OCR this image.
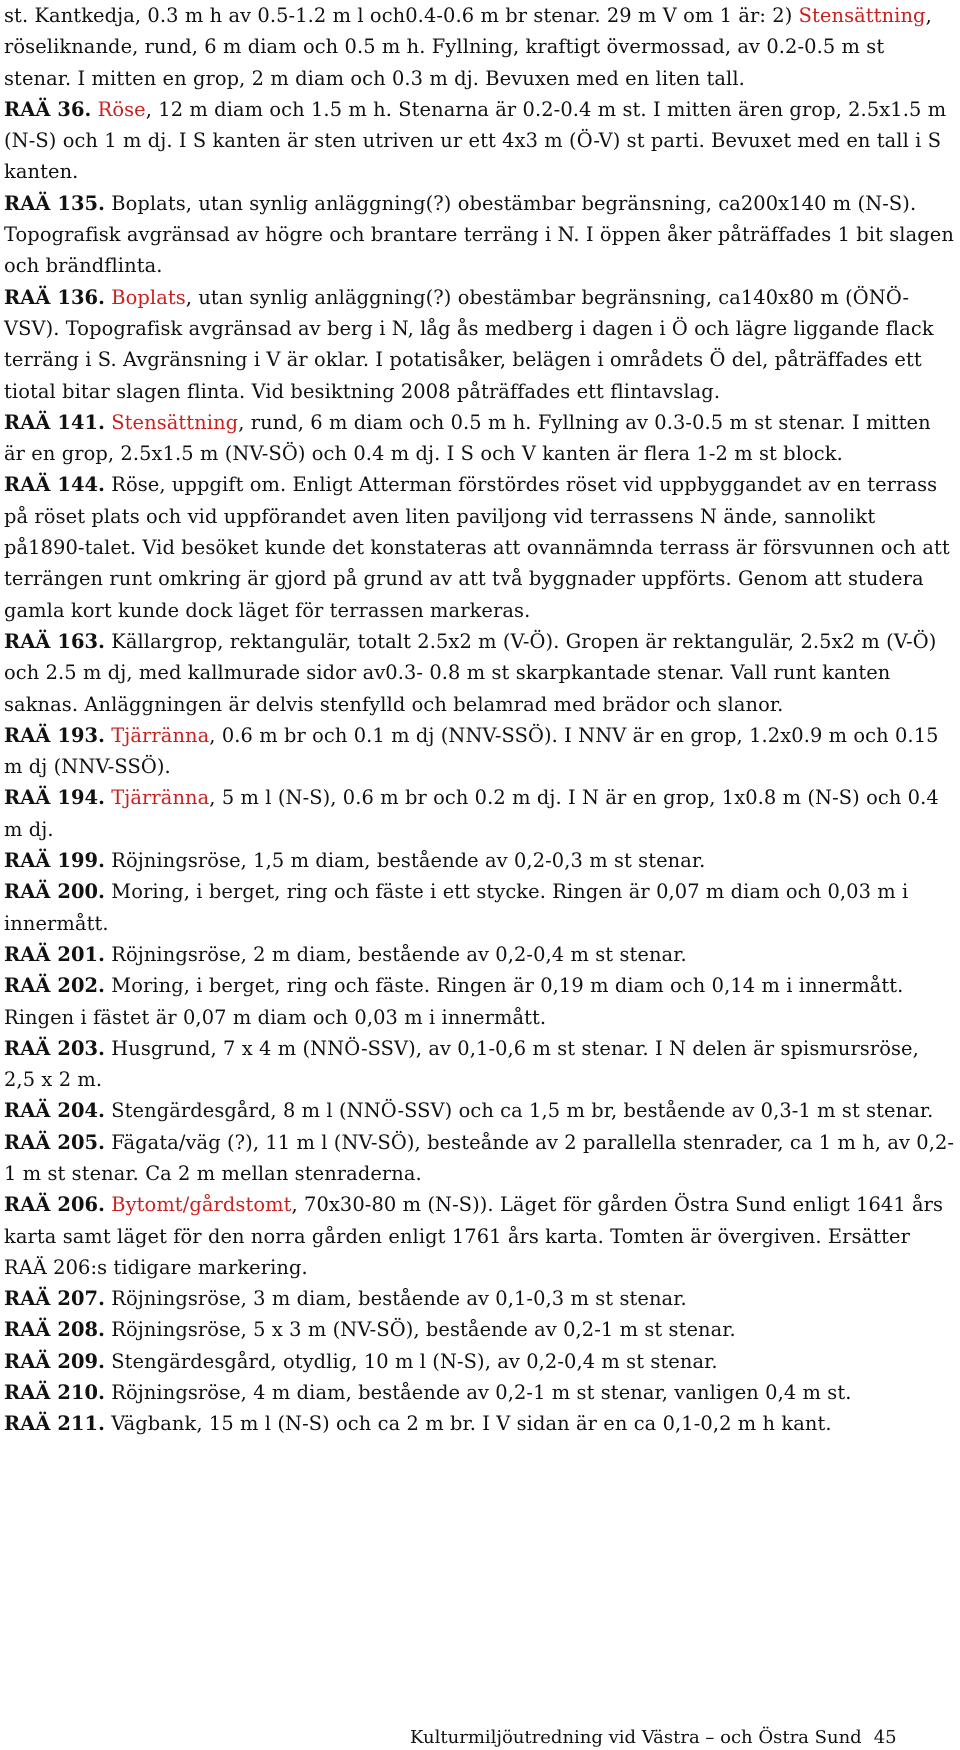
st. Kantkedja, 0.3 m h av 0.5-1.2 m l och0.4-0.6 m br stenar. 29 m V om 1 är: 2) Stensättning, röseliknande, rund, 6 m diam och 0.5 m h. Fyllning, kraftigt övermossad, av 0.2-0.5 m st stenar. I mitten en grop, 2 m diam och 0.3 m dj. Bevuxen med en liten tall.

RAÄ 36. Röse, 12 m diam och 1.5 m h. Stenarna är 0.2-0.4 m st. I mitten ären grop, 2.5x1.5 m (N-S) och 1 m dj. I S kanten är sten utriven ur ett 4x3 m (Ö-V) st parti. Bevuxet med en tall i S kanten.

RAÄ 135. Boplats, utan synlig anläggning(?) obestämbar begränsning, ca200x140 m (N-S). Topografisk avgränsad av högre och brantare terräng i N. I öppen åker påträffades 1 bit slagen och brändflinta.

RAÄ 136. Boplats, utan synlig anläggning(?) obestämbar begränsning, ca140x80 m (ÖNÖ-VSV). Topografisk avgränsad av berg i N, låg ås medberg i dagen i Ö och lägre liggande flack terräng i S. Avgränsning i V är oklar. I potatisåker, belägen i områdets Ö del, påträffades ett tiotal bitar slagen flinta. Vid besiktning 2008 påträffades ett flintavslag.

RAÄ 141. Stensättning, rund, 6 m diam och 0.5 m h. Fyllning av 0.3-0.5 m st stenar. I mitten är en grop, 2.5x1.5 m (NV-SÖ) och 0.4 m dj. I S och V kanten är flera 1-2 m st block.

RAÄ 144. Röse, uppgift om. Enligt Atterman förstördes röset vid uppbyggandet av en terrass på röset plats och vid uppförandet aven liten paviljong vid terrassens N ände, sannolikt på1890-talet. Vid besöket kunde det konstateras att ovannämnda terrass är försvunnen och att terrängen runt omkring är gjord på grund av att två byggnader uppförts. Genom att studera gamla kort kunde dock läget för terrassen markeras.

RAÄ 163. Källargrop, rektangulär, totalt 2.5x2 m (V-Ö). Gropen är rektangulär, 2.5x2 m (V-Ö) och 2.5 m dj, med kallmurade sidor av0.3- 0.8 m st skarpkantade stenar. Vall runt kanten saknas. Anläggningen är delvis stenfylld och belamrad med brädor och slanor.

RAÄ 193. Tjärränna, 0.6 m br och 0.1 m dj (NNV-SSÖ). I NNV är en grop, 1.2x0.9 m och 0.15 m dj (NNV-SSÖ).

RAÄ 194. Tjärränna, 5 m l (N-S), 0.6 m br och 0.2 m dj. I N är en grop, 1x0.8 m (N-S) och 0.4 m dj.

RAÄ 199. Röjningsröse, 1,5 m diam, bestående av 0,2-0,3 m st stenar.

RAÄ 200. Moring, i berget, ring och fäste i ett stycke. Ringen är 0,07 m diam och 0,03 m i innermått.

RAÄ 201. Röjningsröse, 2 m diam, bestående av 0,2-0,4 m st stenar.

RAÄ 202. Moring, i berget, ring och fäste. Ringen är 0,19 m diam och 0,14 m i innermått. Ringen i fästet är 0,07 m diam och 0,03 m i innermått.

RAÄ 203. Husgrund, 7 x 4 m (NNÖ-SSV), av 0,1-0,6 m st stenar. I N delen är spismursröse, 2,5 x 2 m.

RAÄ 204. Stengärdesgård, 8 m l (NNÖ-SSV) och ca 1,5 m br, bestående av 0,3-1 m st stenar.

RAÄ 205. Fägata/väg (?), 11 m l (NV-SÖ), besteånde av 2 parallella stenrader, ca 1 m h, av 0,2-1 m st stenar. Ca 2 m mellan stenraderna.

RAÄ 206. Bytomt/gårdstomt, 70x30-80 m (N-S)). Läget för gården Östra Sund enligt 1641 års karta samt läget för den norra gården enligt 1761 års karta. Tomten är övergiven. Ersätter RAÄ 206:s tidigare markering.

RAÄ 207. Röjningsröse, 3 m diam, bestående av 0,1-0,3 m st stenar.

RAÄ 208. Röjningsröse, 5 x 3 m (NV-SÖ), bestående av 0,2-1 m st stenar.

RAÄ 209. Stengärdesgård, otydlig, 10 m l (N-S), av 0,2-0,4 m st stenar.

RAÄ 210. Röjningsröse, 4 m diam, bestående av 0,2-1 m st stenar, vanligen 0,4 m st.

RAÄ 211. Vägbank, 15 m l (N-S) och ca 2 m br. I V sidan är en ca 0,1-0,2 m h kant.

Kulturmiljöutredning vid Västra – och Östra Sund 45
